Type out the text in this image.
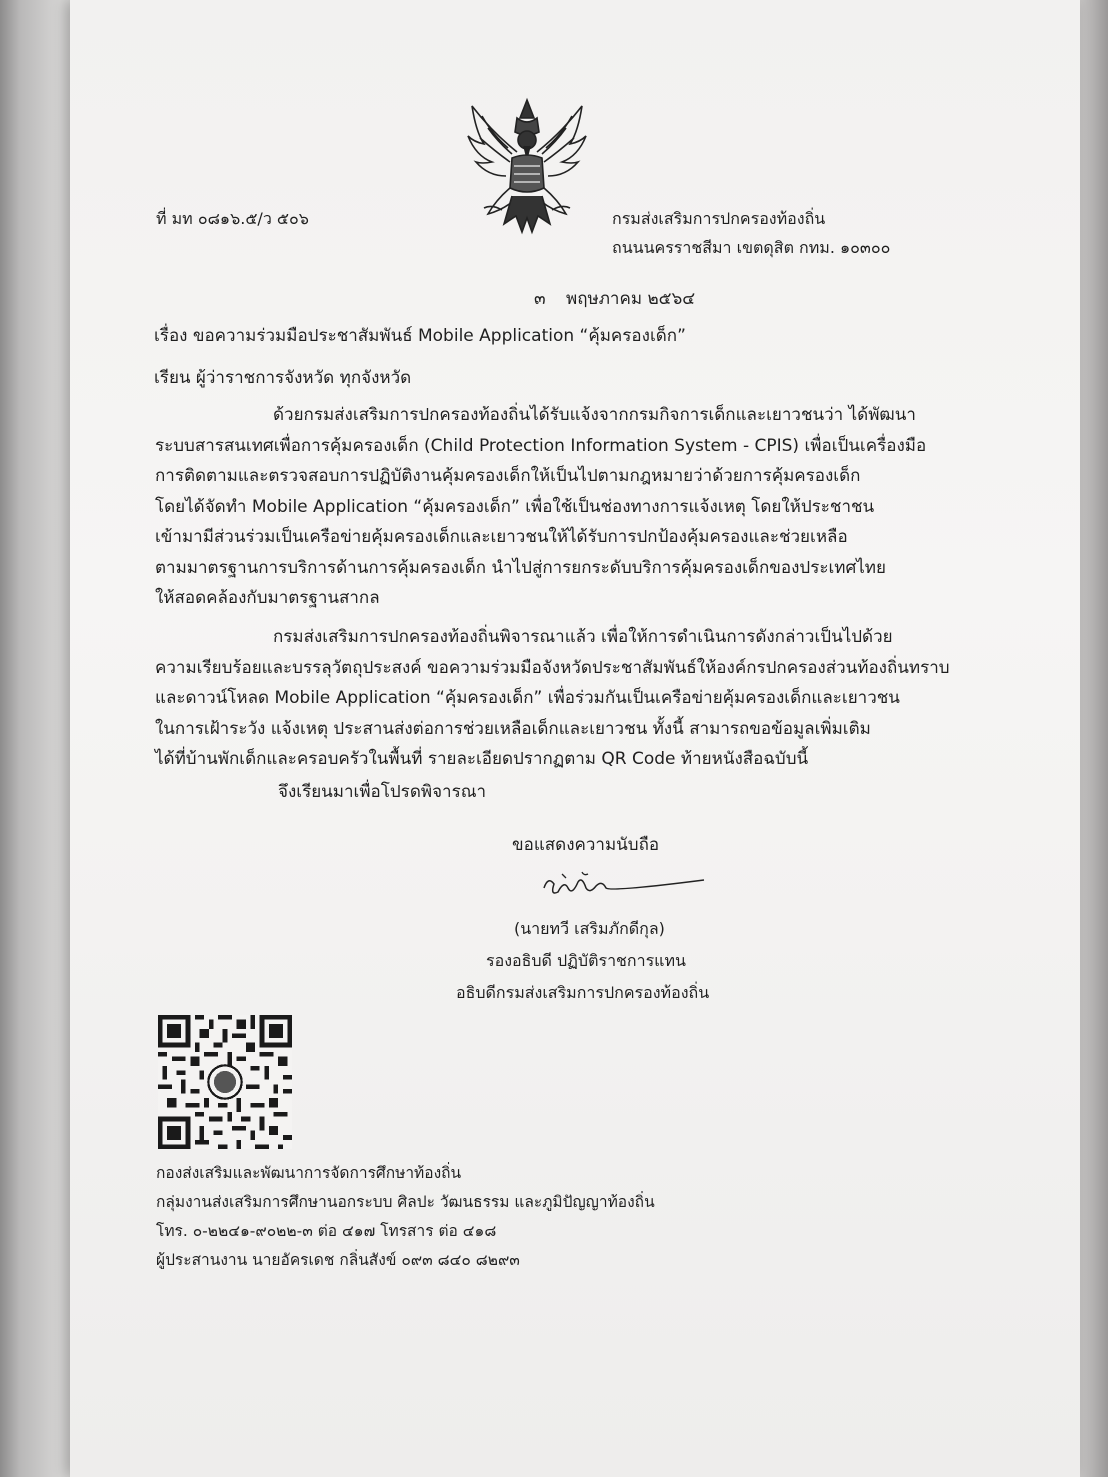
ที่ มท ๐๘๑๖.๕/ว ๕๐๖	กรมส่งเสริมการปกครองท้องถิ่น
ถนนนครราชสีมา เขตดุสิต กทม. ๑๐๓๐๐
๓ พฤษภาคม ๒๕๖๔
เรื่อง ขอความร่วมมือประชาสัมพันธ์ Mobile Application “คุ้มครองเด็ก”
เรียน ผู้ว่าราชการจังหวัด ทุกจังหวัด
ด้วยกรมส่งเสริมการปกครองท้องถิ่นได้รับแจ้งจากกรมกิจการเด็กและเยาวชนว่า ได้พัฒนา
ระบบสารสนเทศเพื่อการคุ้มครองเด็ก (Child Protection Information System - CPIS) เพื่อเป็นเครื่องมือ
การติดตามและตรวจสอบการปฏิบัติงานคุ้มครองเด็กให้เป็นไปตามกฎหมายว่าด้วยการคุ้มครองเด็ก
โดยได้จัดทำ Mobile Application “คุ้มครองเด็ก” เพื่อใช้เป็นช่องทางการแจ้งเหตุ โดยให้ประชาชน
เข้ามามีส่วนร่วมเป็นเครือข่ายคุ้มครองเด็กและเยาวชนให้ได้รับการปกป้องคุ้มครองและช่วยเหลือ
ตามมาตรฐานการบริการด้านการคุ้มครองเด็ก นำไปสู่การยกระดับบริการคุ้มครองเด็กของประเทศไทย
ให้สอดคล้องกับมาตรฐานสากล
กรมส่งเสริมการปกครองท้องถิ่นพิจารณาแล้ว เพื่อให้การดำเนินการดังกล่าวเป็นไปด้วย
ความเรียบร้อยและบรรลุวัตถุประสงค์ ขอความร่วมมือจังหวัดประชาสัมพันธ์ให้องค์กรปกครองส่วนท้องถิ่นทราบ
และดาวน์โหลด Mobile Application “คุ้มครองเด็ก” เพื่อร่วมกันเป็นเครือข่ายคุ้มครองเด็กและเยาวชน
ในการเฝ้าระวัง แจ้งเหตุ ประสานส่งต่อการช่วยเหลือเด็กและเยาวชน ทั้งนี้ สามารถขอข้อมูลเพิ่มเติม
ได้ที่บ้านพักเด็กและครอบครัวในพื้นที่ รายละเอียดปรากฏตาม QR Code ท้ายหนังสือฉบับนี้
จึงเรียนมาเพื่อโปรดพิจารณา
ขอแสดงความนับถือ
(นายทวี เสริมภักดีกุล)
รองอธิบดี ปฏิบัติราชการแทน
อธิบดีกรมส่งเสริมการปกครองท้องถิ่น
กองส่งเสริมและพัฒนาการจัดการศึกษาท้องถิ่น
กลุ่มงานส่งเสริมการศึกษานอกระบบ ศิลปะ วัฒนธรรม และภูมิปัญญาท้องถิ่น
โทร. ๐-๒๒๔๑-๙๐๒๒-๓ ต่อ ๔๑๗ โทรสาร ต่อ ๔๑๘
ผู้ประสานงาน นายอัครเดช กลิ่นสังข์ ๐๙๓ ๘๔๐ ๘๒๙๓
